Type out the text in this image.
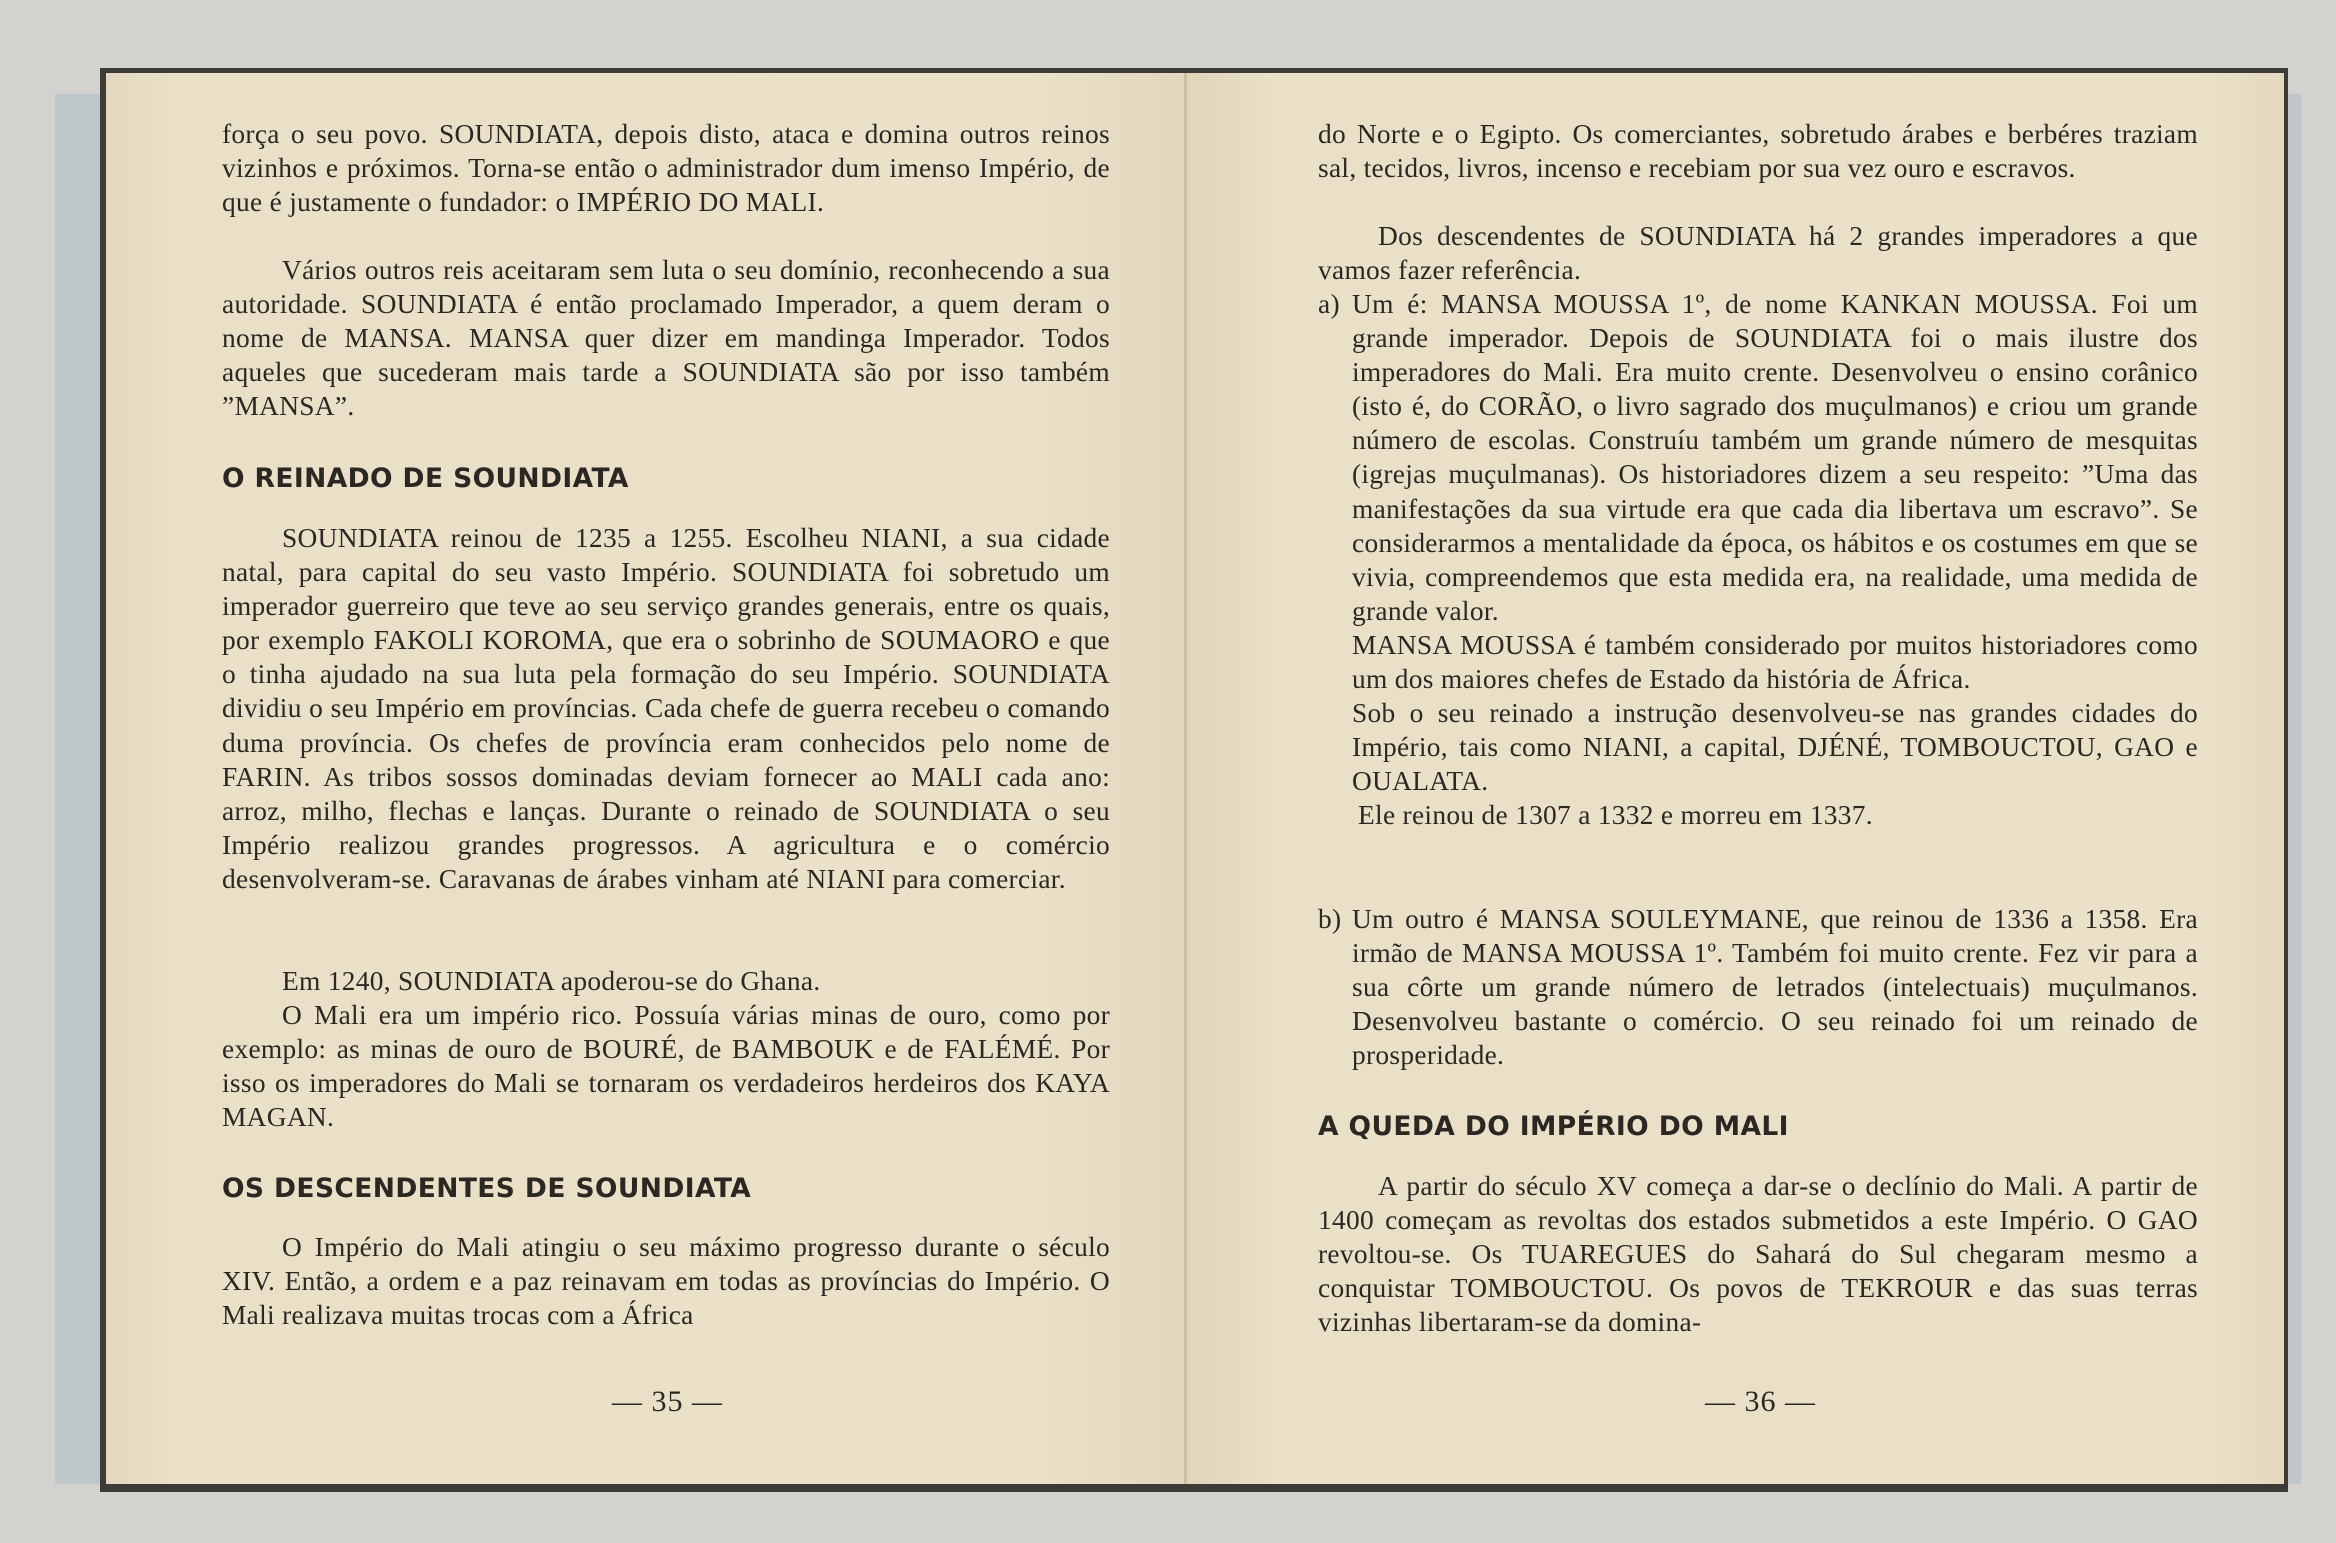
força o seu povo. SOUNDIATA, depois disto, ataca e domina outros reinos vizinhos e próximos. Torna-se então o administrador dum imenso Império, de que é justamente o fundador: o IMPÉRIO DO MALI.

Vários outros reis aceitaram sem luta o seu domínio, reconhecendo a sua autoridade. SOUNDIATA é então proclamado Imperador, a quem deram o nome de MANSA. MANSA quer dizer em mandinga Imperador. Todos aqueles que sucederam mais tarde a SOUNDIATA são por isso também ”MANSA”.

O REINADO DE SOUNDIATA

SOUNDIATA reinou de 1235 a 1255. Escolheu NIANI, a sua cidade natal, para capital do seu vasto Império. SOUNDIATA foi sobretudo um imperador guerreiro que teve ao seu serviço grandes generais, entre os quais, por exemplo FAKOLI KOROMA, que era o sobrinho de SOUMAORO e que o tinha ajudado na sua luta pela formação do seu Império. SOUNDIATA dividiu o seu Império em províncias. Cada chefe de guerra recebeu o comando duma província. Os chefes de província eram conhecidos pelo nome de FARIN. As tribos sossos dominadas deviam fornecer ao MALI cada ano: arroz, milho, flechas e lanças. Durante o reinado de SOUNDIATA o seu Império realizou grandes progressos. A agricultura e o comércio desenvolveram-se. Caravanas de árabes vinham até NIANI para comerciar.

Em 1240, SOUNDIATA apoderou-se do Ghana.

O Mali era um império rico. Possuía várias minas de ouro, como por exemplo: as minas de ouro de BOURÉ, de BAMBOUK e de FALÉMÉ. Por isso os imperadores do Mali se tornaram os verdadeiros herdeiros dos KAYA MAGAN.

OS DESCENDENTES DE SOUNDIATA

O Império do Mali atingiu o seu máximo progresso durante o século XIV. Então, a ordem e a paz reinavam em todas as províncias do Império. O Mali realizava muitas trocas com a África

— 35 —

do Norte e o Egipto. Os comerciantes, sobretudo árabes e berbéres traziam sal, tecidos, livros, incenso e recebiam por sua vez ouro e escravos.

Dos descendentes de SOUNDIATA há 2 grandes imperadores a que vamos fazer referência.

a) Um é: MANSA MOUSSA 1º, de nome KANKAN MOUSSA. Foi um grande imperador. Depois de SOUNDIATA foi o mais ilustre dos imperadores do Mali. Era muito crente. Desenvolveu o ensino corânico (isto é, do CORÃO, o livro sagrado dos muçulmanos) e criou um grande número de escolas. Construíu também um grande número de mesquitas (igrejas muçulmanas). Os historiadores dizem a seu respeito: ”Uma das manifestações da sua virtude era que cada dia libertava um escravo”. Se considerarmos a mentalidade da época, os hábitos e os costumes em que se vivia, compreendemos que esta medida era, na realidade, uma medida de grande valor.

MANSA MOUSSA é também considerado por muitos historiadores como um dos maiores chefes de Estado da história de África.

Sob o seu reinado a instrução desenvolveu-se nas grandes cidades do Império, tais como NIANI, a capital, DJÉNÉ, TOMBOUCTOU, GAO e OUALATA.

Ele reinou de 1307 a 1332 e morreu em 1337.

b) Um outro é MANSA SOULEYMANE, que reinou de 1336 a 1358. Era irmão de MANSA MOUSSA 1º. Também foi muito crente. Fez vir para a sua côrte um grande número de letrados (intelectuais) muçulmanos. Desenvolveu bastante o comércio. O seu reinado foi um reinado de prosperidade.

A QUEDA DO IMPÉRIO DO MALI

A partir do século XV começa a dar-se o declínio do Mali. A partir de 1400 começam as revoltas dos estados submetidos a este Império. O GAO revoltou-se. Os TUAREGUES do Sahará do Sul chegaram mesmo a conquistar TOMBOUCTOU. Os povos de TEKROUR e das suas terras vizinhas libertaram-se da domina-

— 36 —
